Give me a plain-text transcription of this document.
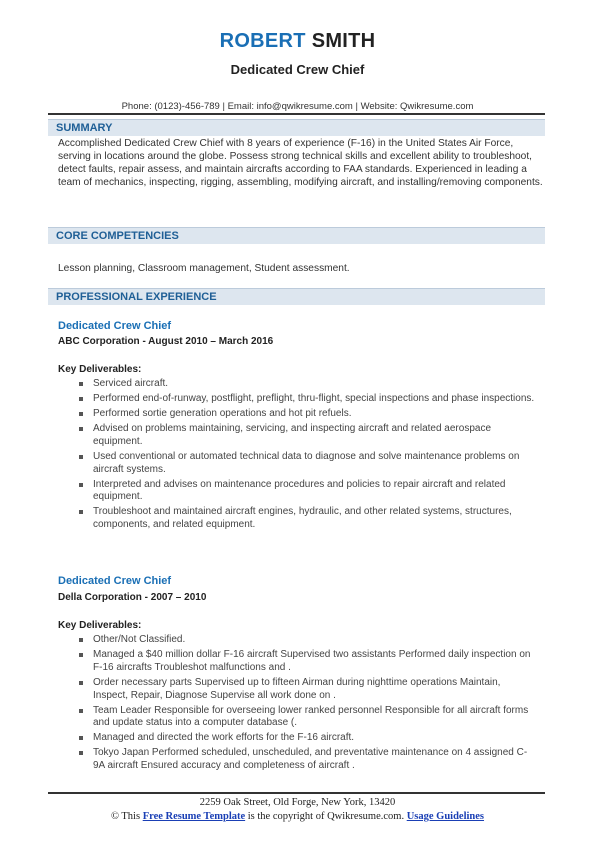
ROBERT SMITH
Dedicated Crew Chief
Phone: (0123)-456-789 | Email: info@qwikresume.com | Website: Qwikresume.com
SUMMARY
Accomplished Dedicated Crew Chief with 8 years of experience (F-16) in the United States Air Force, serving in locations around the globe. Possess strong technical skills and excellent ability to troubleshoot, detect faults, repair assess, and maintain aircrafts according to FAA standards. Experienced in leading a team of mechanics, inspecting, rigging, assembling, modifying aircraft, and installing/removing components.
CORE COMPETENCIES
Lesson planning, Classroom management, Student assessment.
PROFESSIONAL EXPERIENCE
Dedicated Crew Chief
ABC Corporation - August 2010 – March 2016
Key Deliverables:
Serviced aircraft.
Performed end-of-runway, postflight, preflight, thru-flight, special inspections and phase inspections.
Performed sortie generation operations and hot pit refuels.
Advised on problems maintaining, servicing, and inspecting aircraft and related aerospace equipment.
Used conventional or automated technical data to diagnose and solve maintenance problems on aircraft systems.
Interpreted and advises on maintenance procedures and policies to repair aircraft and related equipment.
Troubleshoot and maintained aircraft engines, hydraulic, and other related systems, structures, components, and related equipment.
Dedicated Crew Chief
Della Corporation - 2007 – 2010
Key Deliverables:
Other/Not Classified.
Managed a $40 million dollar F-16 aircraft Supervised two assistants Performed daily inspection on F-16 aircrafts Troubleshot malfunctions and .
Order necessary parts Supervised up to fifteen Airman during nighttime operations Maintain, Inspect, Repair, Diagnose Supervise all work done on .
Team Leader Responsible for overseeing lower ranked personnel Responsible for all aircraft forms and update status into a computer database (.
Managed and directed the work efforts for the F-16 aircraft.
Tokyo Japan Performed scheduled, unscheduled, and preventative maintenance on 4 assigned C-9A aircraft Ensured accuracy and completeness of aircraft .
2259 Oak Street, Old Forge, New York, 13420
© This Free Resume Template is the copyright of Qwikresume.com. Usage Guidelines
